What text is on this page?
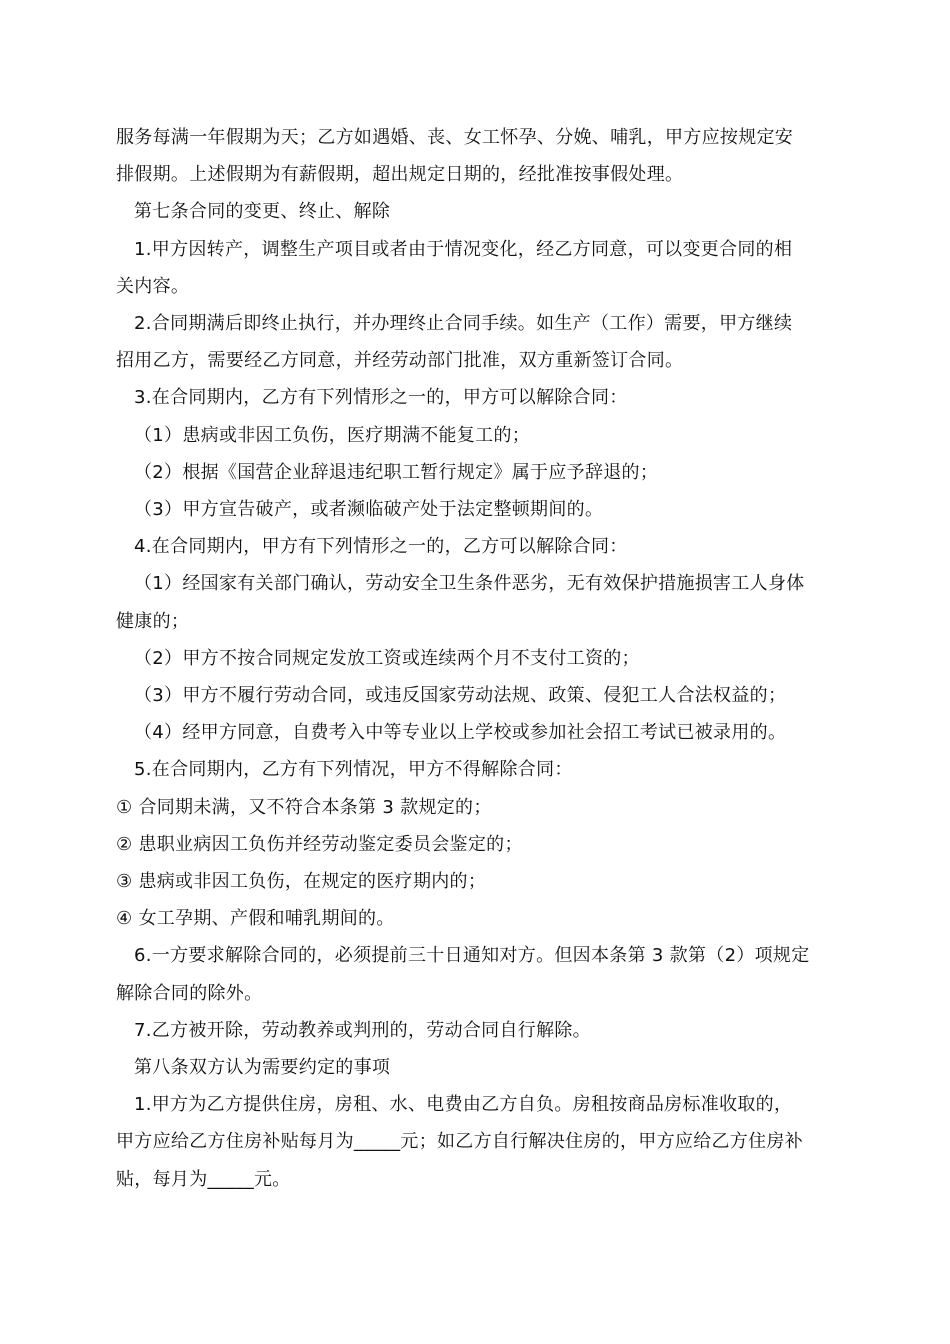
服务每满一年假期为天；乙方如遇婚、丧、女工怀孕、分娩、哺乳，甲方应按规定安

排假期。上述假期为有薪假期，超出规定日期的，经批准按事假处理。

第七条合同的变更、终止、解除

1.甲方因转产，调整生产项目或者由于情况变化，经乙方同意，可以变更合同的相

关内容。

2.合同期满后即终止执行，并办理终止合同手续。如生产（工作）需要，甲方继续

招用乙方，需要经乙方同意，并经劳动部门批准，双方重新签订合同。

3.在合同期内，乙方有下列情形之一的，甲方可以解除合同：

（1）患病或非因工负伤，医疗期满不能复工的；

（2）根据《国营企业辞退违纪职工暂行规定》属于应予辞退的；

（3）甲方宣告破产，或者濒临破产处于法定整顿期间的。

4.在合同期内，甲方有下列情形之一的，乙方可以解除合同：

（1）经国家有关部门确认，劳动安全卫生条件恶劣，无有效保护措施损害工人身体

健康的；

（2）甲方不按合同规定发放工资或连续两个月不支付工资的；

（3）甲方不履行劳动合同，或违反国家劳动法规、政策、侵犯工人合法权益的；

（4）经甲方同意，自费考入中等专业以上学校或参加社会招工考试已被录用的。

5.在合同期内，乙方有下列情况，甲方不得解除合同：

① 合同期未满，又不符合本条第 3 款规定的；

② 患职业病因工负伤并经劳动鉴定委员会鉴定的；

③ 患病或非因工负伤，在规定的医疗期内的；

④ 女工孕期、产假和哺乳期间的。

6.一方要求解除合同的，必须提前三十日通知对方。但因本条第 3 款第（2）项规定

解除合同的除外。

7.乙方被开除，劳动教养或判刑的，劳动合同自行解除。

第八条双方认为需要约定的事项

1.甲方为乙方提供住房，房租、水、电费由乙方自负。房租按商品房标准收取的，

甲方应给乙方住房补贴每月为_____元；如乙方自行解决住房的，甲方应给乙方住房补

贴，每月为_____元。
